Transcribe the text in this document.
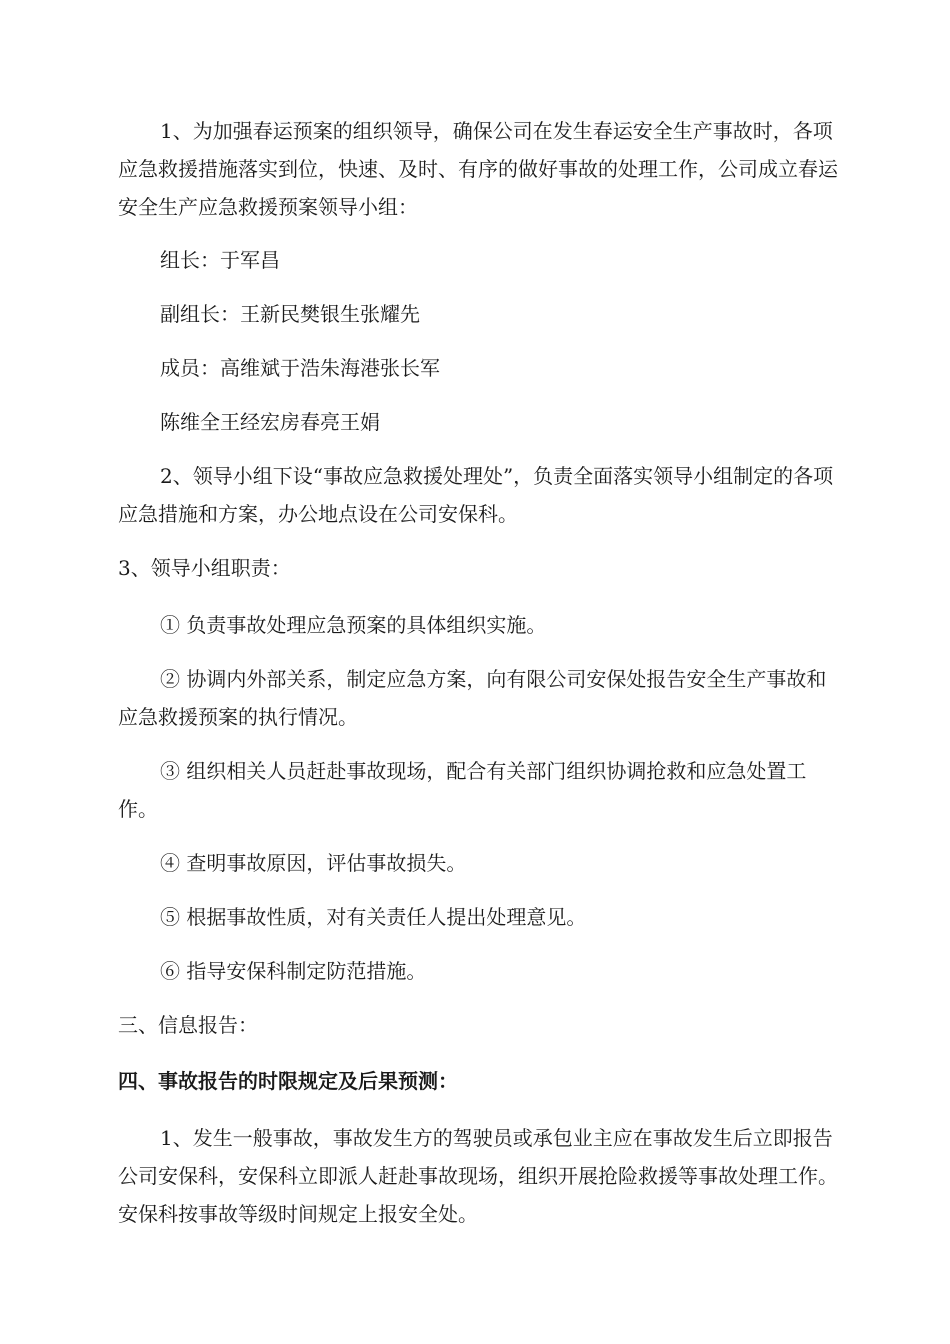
1、为加强春运预案的组织领导，确保公司在发生春运安全生产事故时，各项应急救援措施落实到位，快速、及时、有序的做好事故的处理工作，公司成立春运安全生产应急救援预案领导小组：

组长：于军昌

副组长：王新民樊银生张耀先

成员：高维斌于浩朱海港张长军

陈维全王经宏房春亮王娟

2、领导小组下设“事故应急救援处理处”，负责全面落实领导小组制定的各项应急措施和方案，办公地点设在公司安保科。

3、领导小组职责：

① 负责事故处理应急预案的具体组织实施。

② 协调内外部关系，制定应急方案，向有限公司安保处报告安全生产事故和应急救援预案的执行情况。

③ 组织相关人员赶赴事故现场，配合有关部门组织协调抢救和应急处置工作。

④ 查明事故原因，评估事故损失。

⑤ 根据事故性质，对有关责任人提出处理意见。

⑥ 指导安保科制定防范措施。

三、信息报告：

四、事故报告的时限规定及后果预测：

1、发生一般事故，事故发生方的驾驶员或承包业主应在事故发生后立即报告公司安保科，安保科立即派人赶赴事故现场，组织开展抢险救援等事故处理工作。安保科按事故等级时间规定上报安全处。
